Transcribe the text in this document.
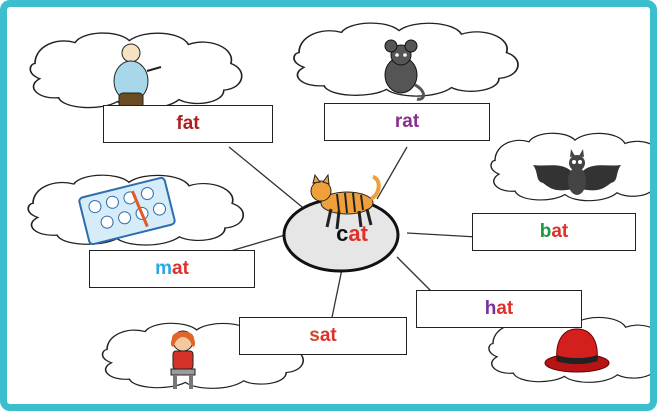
f at	r at
b at
m at
h at
s at
cat
